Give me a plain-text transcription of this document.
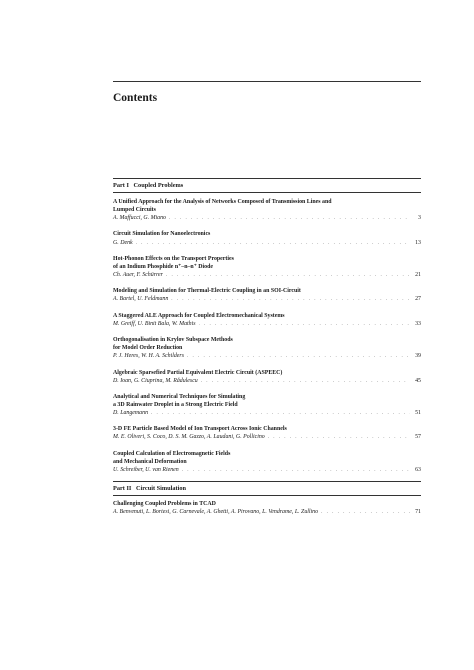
Contents
Part I Coupled Problems
A Unified Approach for the Analysis of Networks Composed of Transmission Lines and
Lumped Circuits
A. Maffucci, G. Miano . . .	3
Circuit Simulation for Nanoelectronics
G. Denk . . .	13
Hot-Phonon Effects on the Transport Properties
of an Indium Phosphide n⁺–n–n⁺ Diode
Ch. Auer, F. Schürrer . . .	21
Modeling and Simulation for Thermal-Electric Coupling in an SOI-Circuit
A. Bartel, U. Feldmann . . .	27
A Staggered ALE Approach for Coupled Electromechanical Systems
M. Greiff, U. Binit Bala, W. Mathis . . .	33
Orthogonalisation in Krylov Subspace Methods
for Model Order Reduction
P. J. Heres, W. H. A. Schilders . . .	39
Algebraic Sparsefied Partial Equivalent Electric Circuit (ASPEEC)
D. Ioan, G. Ciuprina, M. Rădulescu . . .	45
Analytical and Numerical Techniques for Simulating
a 3D Rainwater Droplet in a Strong Electric Field
D. Langemann . . .	51
3-D FE Particle Based Model of Ion Transport Across Ionic Channels
M. E. Oliveri, S. Coco, D. S. M. Gazzo, A. Laudani, G. Pollicino . . .	57
Coupled Calculation of Electromagnetic Fields
and Mechanical Deformation
U. Schreiber, U. van Rienen . . .	63
Part II Circuit Simulation
Challenging Coupled Problems in TCAD
A. Benvenuti, L. Bortesi, G. Carnevale, A. Ghetti, A. Pirovano, L. Vendrame, L. Zullino . . .	71
